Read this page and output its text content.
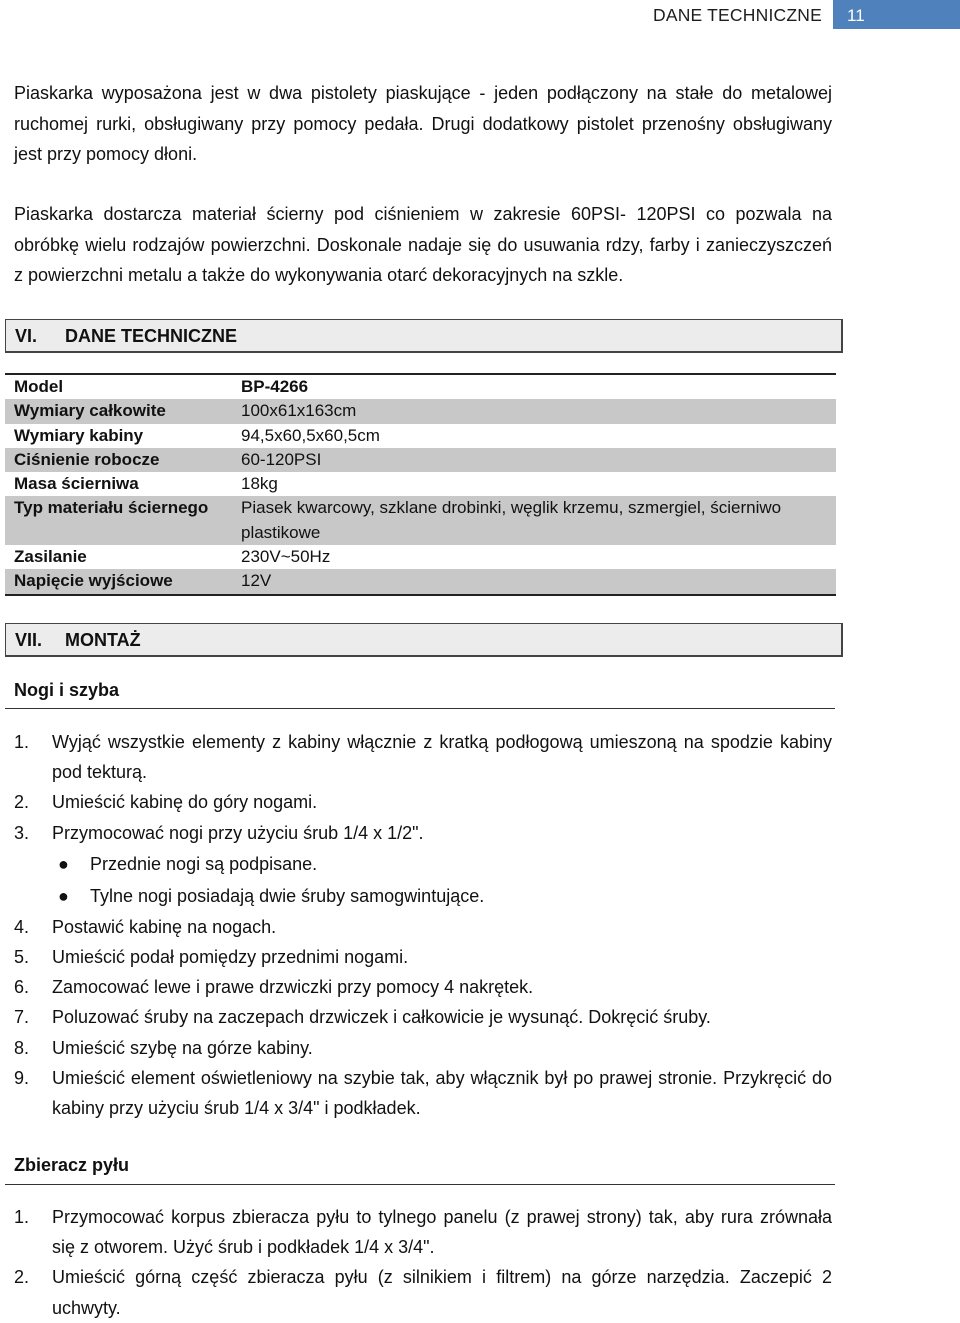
DANE TECHNICZNE	11

Piaskarka wyposażona jest w dwa pistolety piaskujące - jeden podłączony na stałe do metalowej ruchomej rurki, obsługiwany przy pomocy pedała. Drugi dodatkowy pistolet przenośny obsługiwany jest przy pomocy dłoni.

Piaskarka dostarcza materiał ścierny pod ciśnieniem w zakresie 60PSI- 120PSI co pozwala na obróbkę wielu rodzajów powierzchni. Doskonale nadaje się do usuwania rdzy, farby i zanieczyszczeń z powierzchni metalu a także do wykonywania otarć dekoracyjnych na szkle.

VI. DANE TECHNICZNE
Model	BP-4266
Wymiary całkowite	100x61x163cm
Wymiary kabiny	94,5x60,5x60,5cm
Ciśnienie robocze	60-120PSI
Masa ścierniwa	18kg
Typ materiału ściernego	Piasek kwarcowy, szklane drobinki, węglik krzemu, szmergiel, ścierniwo plastikowe
Zasilanie	230V~50Hz
Napięcie wyjściowe	12V
VII. MONTAŻ
Nogi i szyba
1. Wyjąć wszystkie elementy z kabiny włącznie z kratką podłogową umieszoną na spodzie kabiny pod tekturą.
2. Umieścić kabinę do góry nogami.
3. Przymocować nogi przy użyciu śrub 1/4 x 1/2".
● Przednie nogi są podpisane.
● Tylne nogi posiadają dwie śruby samogwintujące.
4. Postawić kabinę na nogach.
5. Umieścić podał pomiędzy przednimi nogami.
6. Zamocować lewe i prawe drzwiczki przy pomocy 4 nakrętek.
7. Poluzować śruby na zaczepach drzwiczek i całkowicie je wysunąć. Dokręcić śruby.
8. Umieścić szybę na górze kabiny.
9. Umieścić element oświetleniowy na szybie tak, aby włącznik był po prawej stronie. Przykręcić do kabiny przy użyciu śrub 1/4 x 3/4" i podkładek.
Zbieracz pyłu
1. Przymocować korpus zbieracza pyłu to tylnego panelu (z prawej strony) tak, aby rura zrównała się z otworem. Użyć śrub i podkładek 1/4 x 3/4".
2. Umieścić górną część zbieracza pyłu (z silnikiem i filtrem) na górze narzędzia. Zaczepić 2 uchwyty.
